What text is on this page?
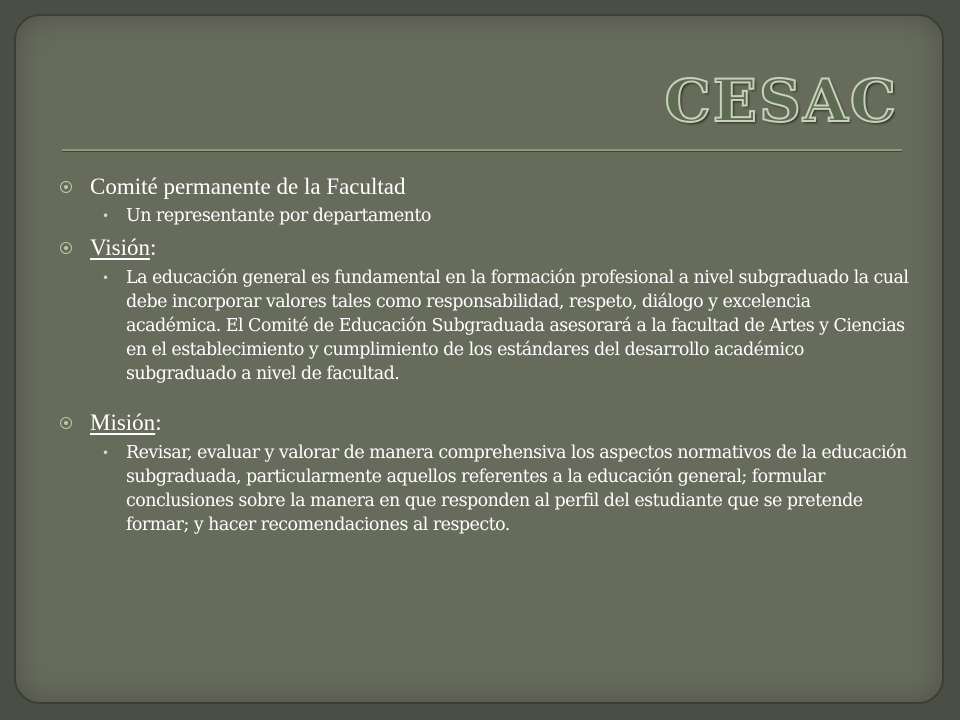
CESAC
Comité permanente de la Facultad
• Un representante por departamento
Visión:
• La educación general es fundamental en la formación profesional a nivel subgraduado la cual debe incorporar valores tales como responsabilidad, respeto, diálogo y excelencia académica. El Comité de Educación Subgraduada asesorará a la facultad de Artes y Ciencias en el establecimiento y cumplimiento de los estándares del desarrollo académico subgraduado a nivel de facultad.
Misión:
• Revisar, evaluar y valorar de manera comprehensiva los aspectos normativos de la educación subgraduada, particularmente aquellos referentes a la educación general; formular conclusiones sobre la manera en que responden al perfil del estudiante que se pretende formar; y hacer recomendaciones al respecto.
